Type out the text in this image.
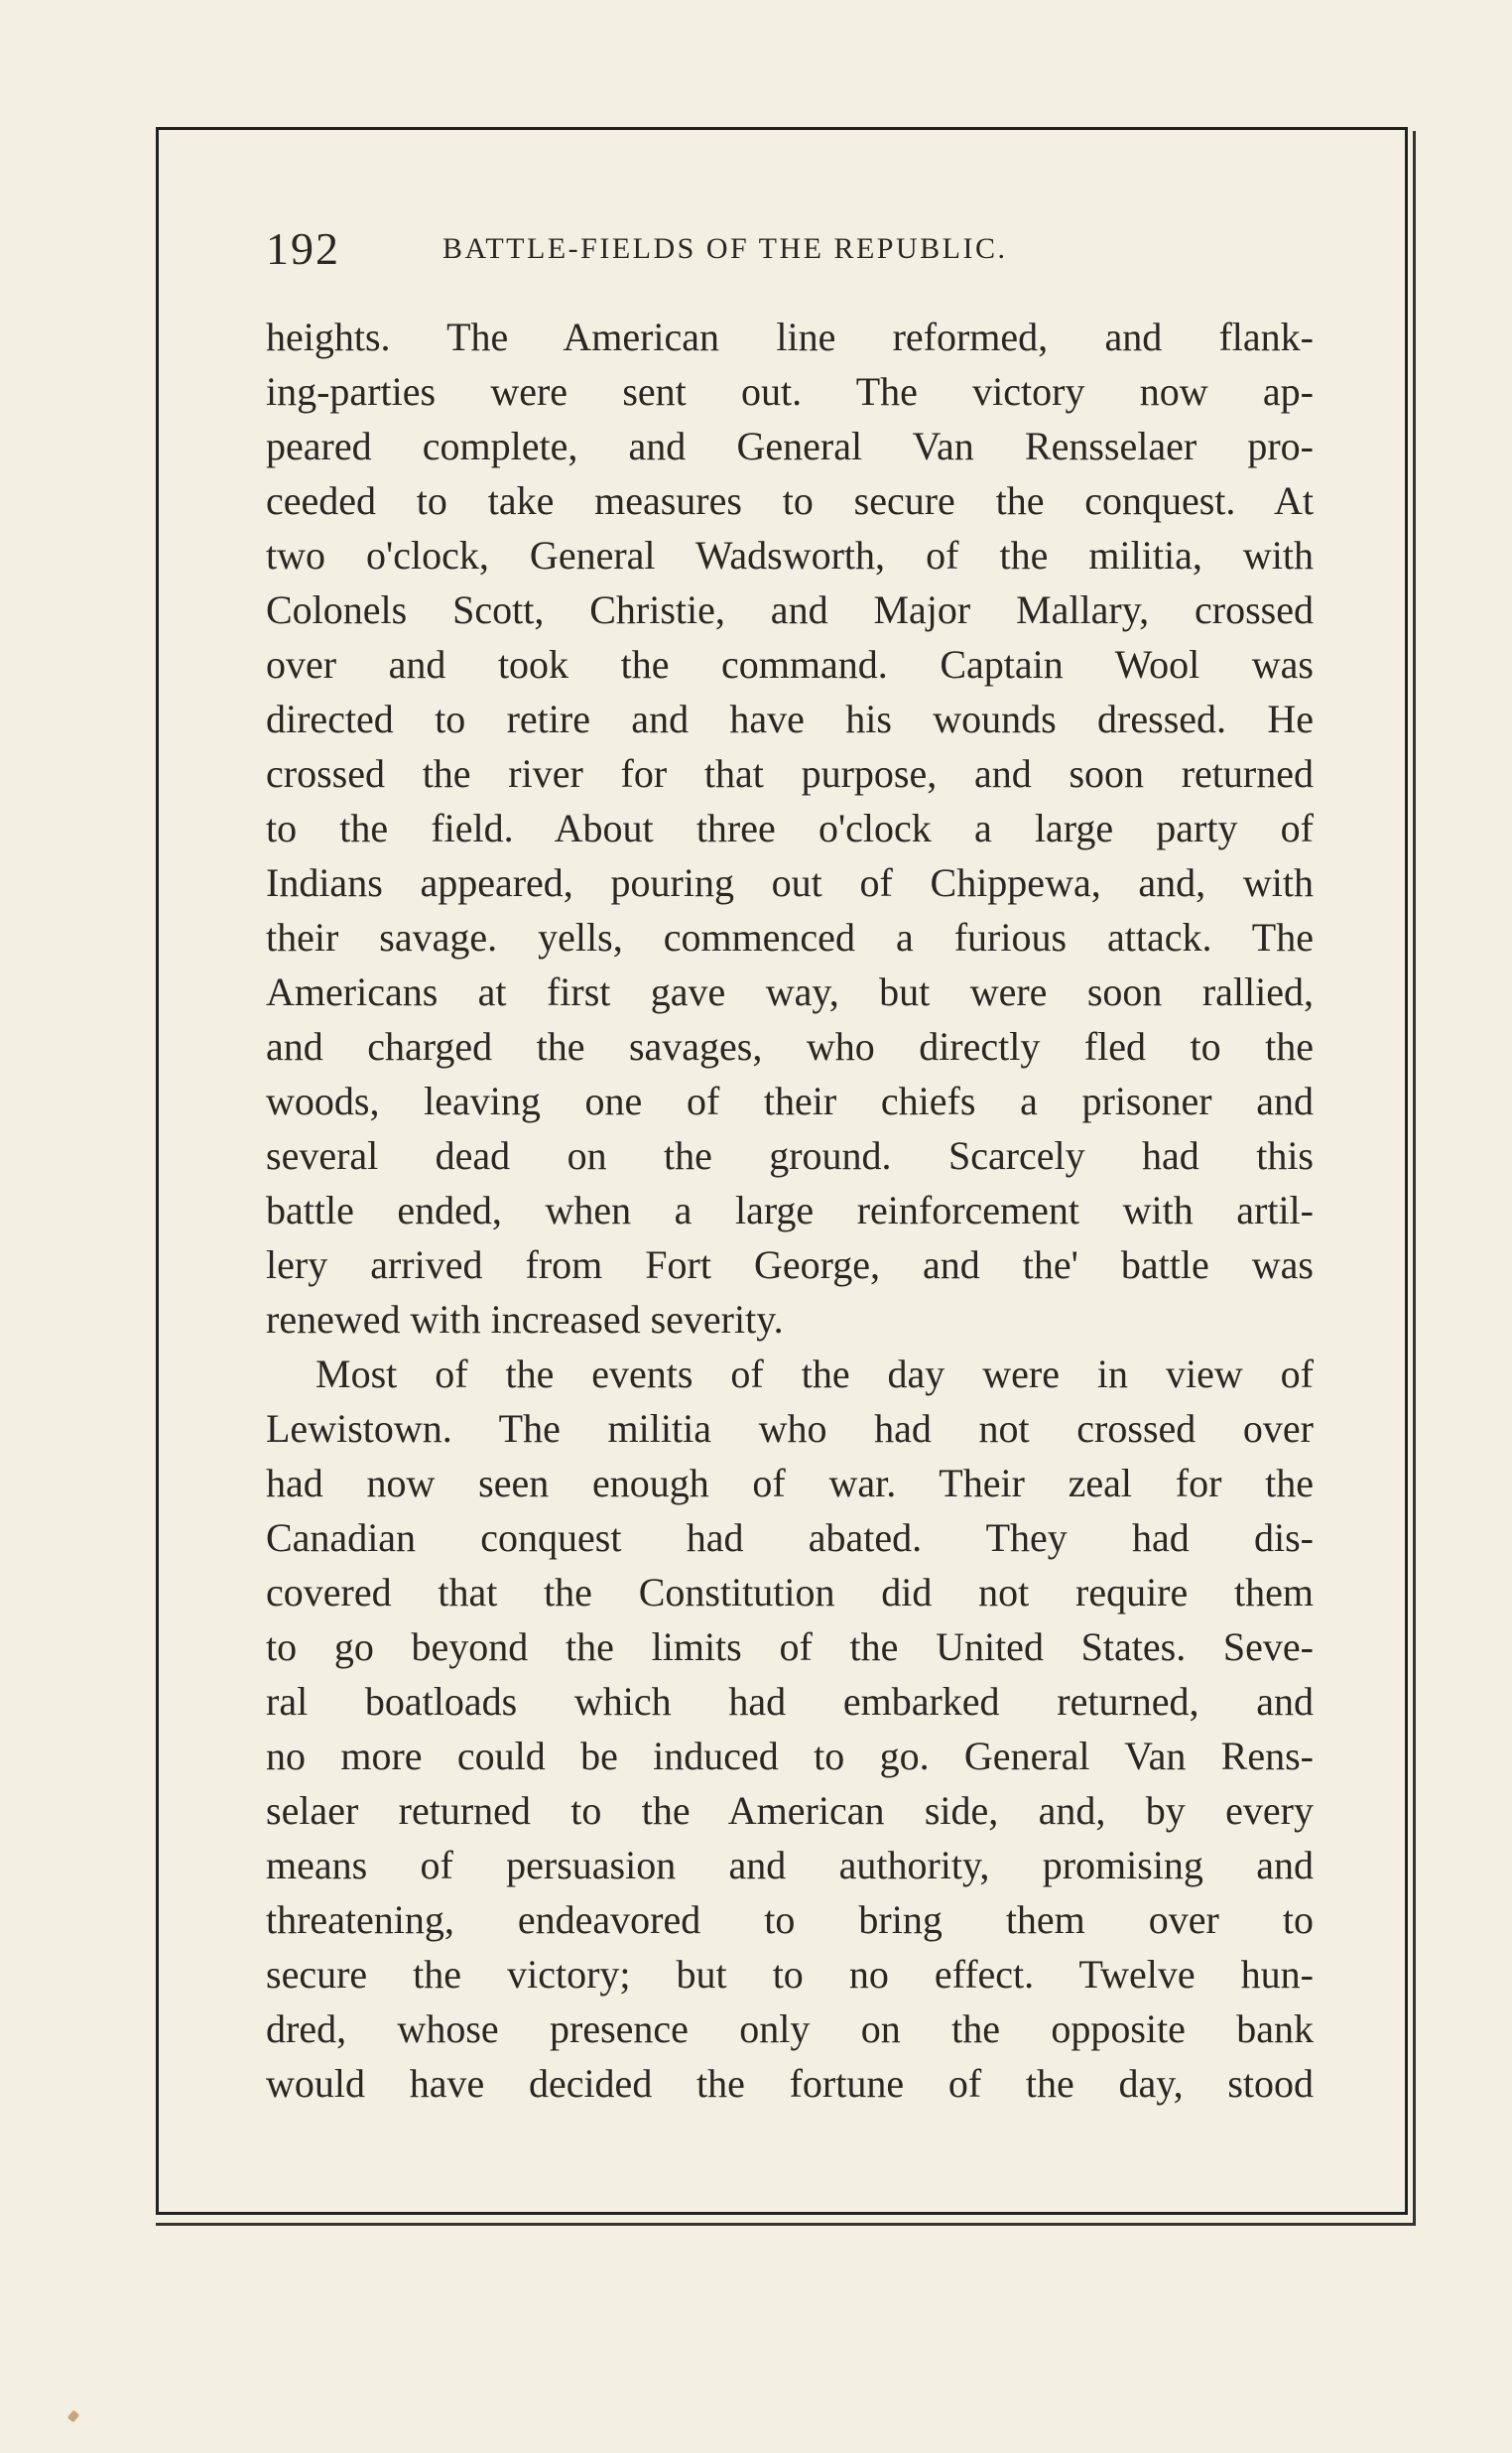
192	BATTLE-FIELDS OF THE REPUBLIC.
heights. The American line reformed, and flank-
ing-parties were sent out. The victory now ap-
peared complete, and General Van Rensselaer pro-
ceeded to take measures to secure the conquest. At
two o'clock, General Wadsworth, of the militia, with
Colonels Scott, Christie, and Major Mallary, crossed
over and took the command. Captain Wool was
directed to retire and have his wounds dressed. He
crossed the river for that purpose, and soon returned
to the field. About three o'clock a large party of
Indians appeared, pouring out of Chippewa, and, with
their savage. yells, commenced a furious attack. The
Americans at first gave way, but were soon rallied,
and charged the savages, who directly fled to the
woods, leaving one of their chiefs a prisoner and
several dead on the ground. Scarcely had this
battle ended, when a large reinforcement with artil-
lery arrived from Fort George, and the' battle was
renewed with increased severity.
Most of the events of the day were in view of
Lewistown. The militia who had not crossed over
had now seen enough of war. Their zeal for the
Canadian conquest had abated. They had dis-
covered that the Constitution did not require them
to go beyond the limits of the United States. Seve-
ral boatloads which had embarked returned, and
no more could be induced to go. General Van Rens-
selaer returned to the American side, and, by every
means of persuasion and authority, promising and
threatening, endeavored to bring them over to
secure the victory; but to no effect. Twelve hun-
dred, whose presence only on the opposite bank
would have decided the fortune of the day, stood
